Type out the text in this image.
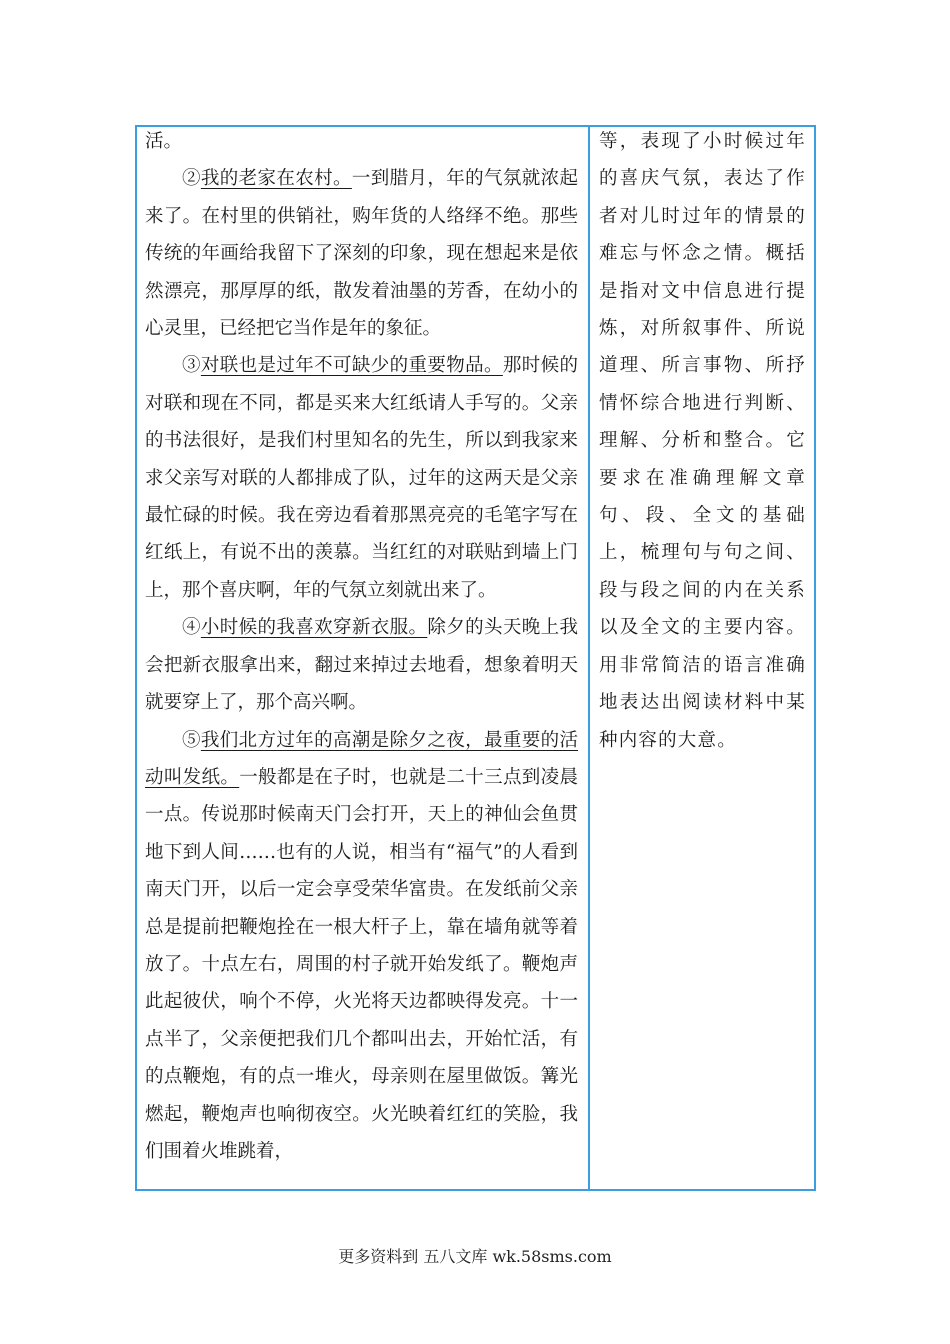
活。

②我的老家在农村。一到腊月，年的气氛就浓起来了。在村里的供销社，购年货的人络绎不绝。那些传统的年画给我留下了深刻的印象，现在想起来是依然漂亮，那厚厚的纸，散发着油墨的芳香，在幼小的心灵里，已经把它当作是年的象征。

③对联也是过年不可缺少的重要物品。那时候的对联和现在不同，都是买来大红纸请人手写的。父亲的书法很好，是我们村里知名的先生，所以到我家来求父亲写对联的人都排成了队，过年的这两天是父亲最忙碌的时候。我在旁边看着那黑亮亮的毛笔字写在红纸上，有说不出的羡慕。当红红的对联贴到墙上门上，那个喜庆啊，年的气氛立刻就出来了。

④小时候的我喜欢穿新衣服。除夕的头天晚上我会把新衣服拿出来，翻过来掉过去地看，想象着明天就要穿上了，那个高兴啊。

⑤我们北方过年的高潮是除夕之夜，最重要的活动叫发纸。一般都是在子时，也就是二十三点到凌晨一点。传说那时候南天门会打开，天上的神仙会鱼贯地下到人间……也有的人说，相当有“福气”的人看到南天门开，以后一定会享受荣华富贵。在发纸前父亲总是提前把鞭炮拴在一根大杆子上，靠在墙角就等着放了。十点左右，周围的村子就开始发纸了。鞭炮声此起彼伏，响个不停，火光将天边都映得发亮。十一点半了，父亲便把我们几个都叫出去，开始忙活，有的点鞭炮，有的点一堆火，母亲则在屋里做饭。篝光燃起，鞭炮声也响彻夜空。火光映着红红的笑脸，我们围着火堆跳着，

等，表现了小时候过年的喜庆气氛，表达了作者对儿时过年的情景的难忘与怀念之情。概括是指对文中信息进行提炼，对所叙事件、所说道理、所言事物、所抒情怀综合地进行判断、理解、分析和整合。它要求在准确理解文章句、段、全文的基础上，梳理句与句之间、段与段之间的内在关系以及全文的主要内容。用非常简洁的语言准确地表达出阅读材料中某种内容的大意。

更多资料到 五八文库 wk.58sms.com
